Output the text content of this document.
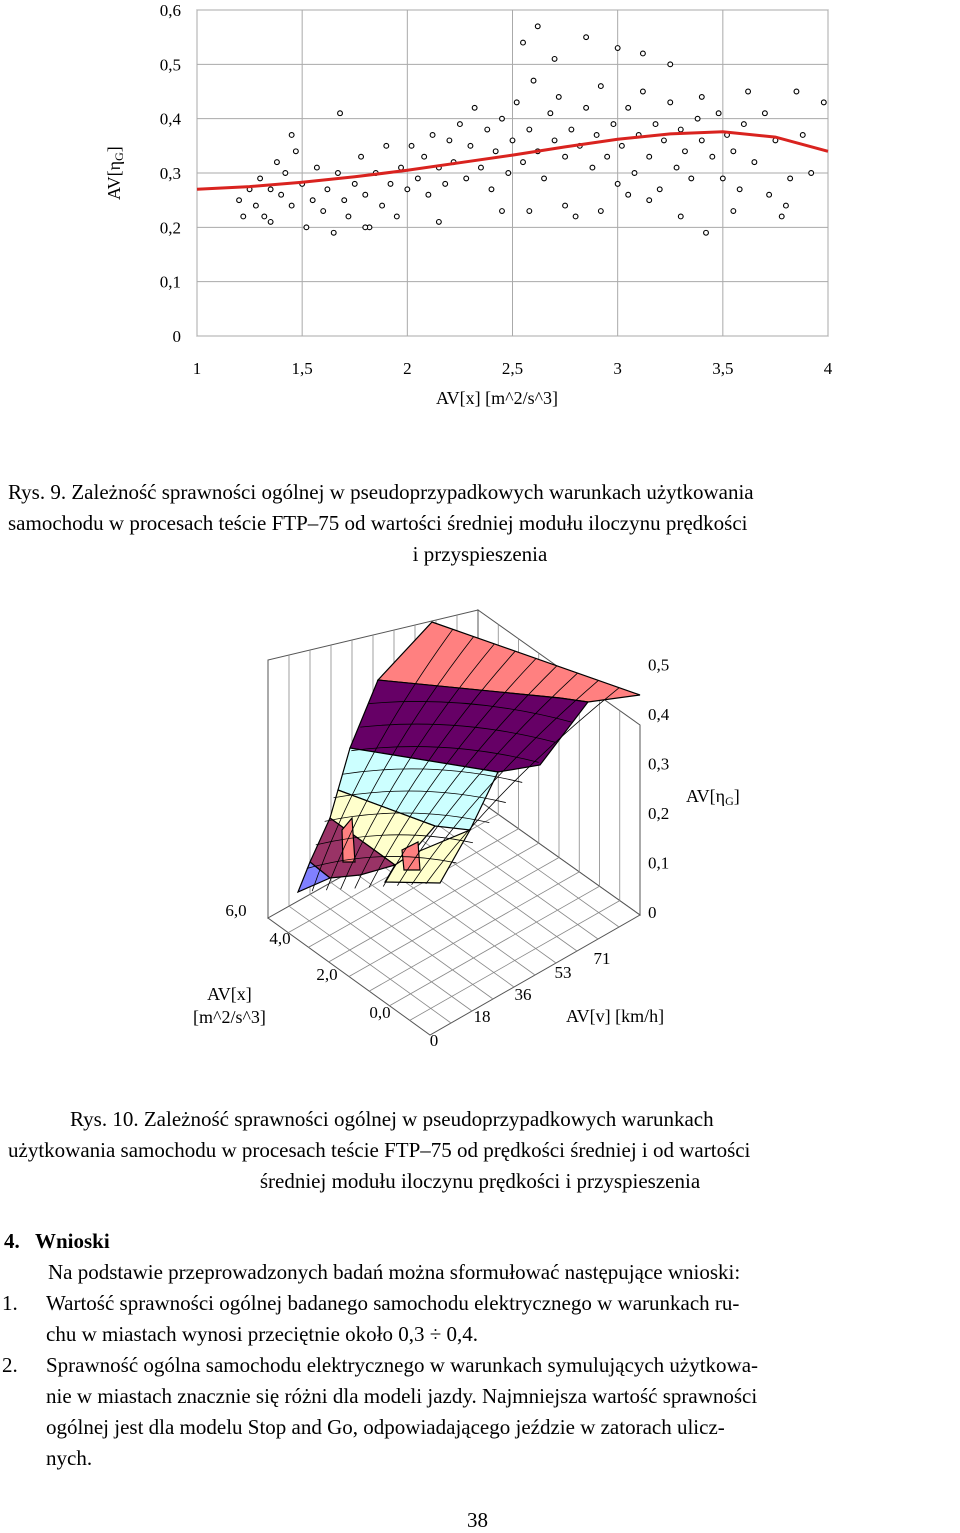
0
0,1
0,2
0,3
0,4
0,5
0,6
1	1,5	2	2,5	3	3,5	4
$AV[\eta_G]$
AV[x] [m^2/s^3]
Rys. 9. Zależność sprawności ogólnej w pseudoprzypadkowych warunkach użytkowania
samochodu w procesach teście FTP–75 od wartości średniej modułu iloczynu prędkości
i przyspieszenia
0
0,1
0,2
0,3
0,4
0,5
0
18
36
53
71
0,0
2,0
4,0
6,0
$AV[\eta_G]$
AV[v] [km/h]
AV[x]
[m^2/s^3]
Rys. 10. Zależność sprawności ogólnej w pseudoprzypadkowych warunkach
użytkowania samochodu w procesach teście FTP–75 od prędkości średniej i od wartości
średniej modułu iloczynu prędkości i przyspieszenia
4. Wnioski
Na podstawie przeprowadzonych badań można sformułować następujące wnioski:
1. Wartość sprawności ogólnej badanego samochodu elektrycznego w warunkach ru-
chu w miastach wynosi przeciętnie około 0,3 ÷ 0,4.
2. Sprawność ogólna samochodu elektrycznego w warunkach symulujących użytkowa-
nie w miastach znacznie się różni dla modeli jazdy. Najmniejsza wartość sprawności
ogólnej jest dla modelu Stop and Go, odpowiadającego jeździe w zatorach ulicz-
nych.
38
